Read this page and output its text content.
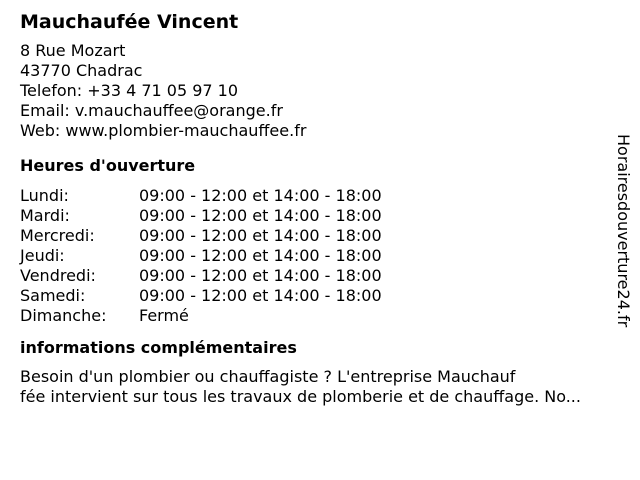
Mauchaufée Vincent
8 Rue Mozart
43770 Chadrac
Telefon: +33 4 71 05 97 10
Email: v.mauchauffee@orange.fr
Web: www.plombier-mauchauffee.fr
Heures d'ouverture
Lundi:	09:00 - 12:00 et 14:00 - 18:00
Mardi:	09:00 - 12:00 et 14:00 - 18:00
Mercredi:	09:00 - 12:00 et 14:00 - 18:00
Jeudi:	09:00 - 12:00 et 14:00 - 18:00
Vendredi:	09:00 - 12:00 et 14:00 - 18:00
Samedi:	09:00 - 12:00 et 14:00 - 18:00
Dimanche:	Fermé
informations complémentaires
Besoin d'un plombier ou chauffagiste ? L'entreprise Mauchauf
fée intervient sur tous les travaux de plomberie et de chauffage. No...
Horairesdouverture24.fr
